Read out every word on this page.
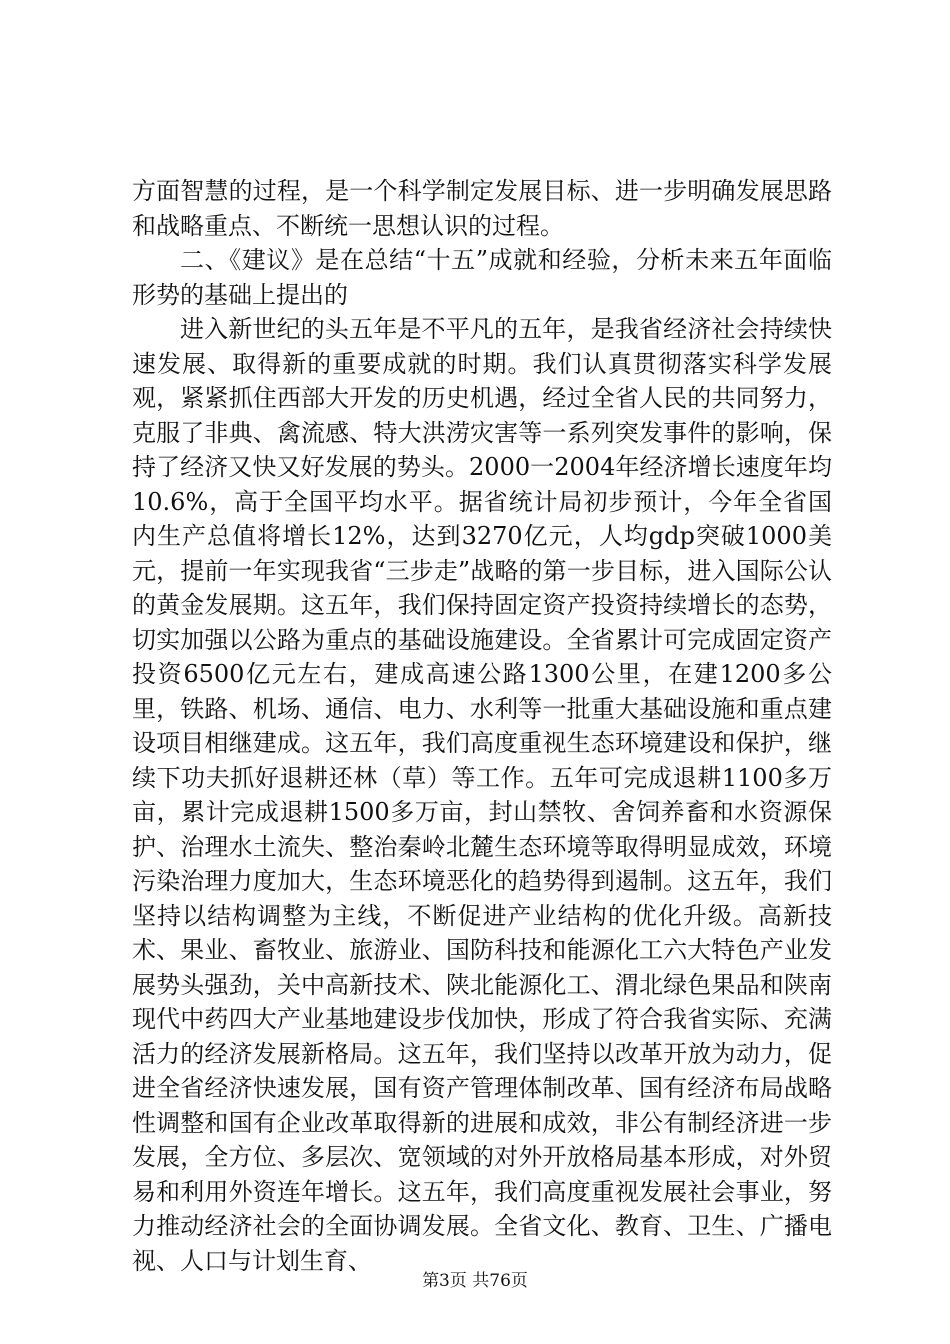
方面智慧的过程，是一个科学制定发展目标、进一步明确发展思路和战略重点、不断统一思想认识的过程。

二、《建议》是在总结“十五”成就和经验，分析未来五年面临形势的基础上提出的

进入新世纪的头五年是不平凡的五年，是我省经济社会持续快速发展、取得新的重要成就的时期。我们认真贯彻落实科学发展观，紧紧抓住西部大开发的历史机遇，经过全省人民的共同努力，克服了非典、禽流感、特大洪涝灾害等一系列突发事件的影响，保持了经济又快又好发展的势头。2000一2004年经济增长速度年均10.6%，高于全国平均水平。据省统计局初步预计，今年全省国内生产总值将增长12%，达到3270亿元，人均gdp突破1000美元，提前一年实现我省“三步走”战略的第一步目标，进入国际公认的黄金发展期。这五年，我们保持固定资产投资持续增长的态势，切实加强以公路为重点的基础设施建设。全省累计可完成固定资产投资6500亿元左右，建成高速公路1300公里，在建1200多公里，铁路、机场、通信、电力、水利等一批重大基础设施和重点建设项目相继建成。这五年，我们高度重视生态环境建设和保护，继续下功夫抓好退耕还林（草）等工作。五年可完成退耕1100多万亩，累计完成退耕1500多万亩，封山禁牧、舍饲养畜和水资源保护、治理水土流失、整治秦岭北麓生态环境等取得明显成效，环境污染治理力度加大，生态环境恶化的趋势得到遏制。这五年，我们坚持以结构调整为主线，不断促进产业结构的优化升级。高新技术、果业、畜牧业、旅游业、国防科技和能源化工六大特色产业发展势头强劲，关中高新技术、陕北能源化工、渭北绿色果品和陕南现代中药四大产业基地建设步伐加快，形成了符合我省实际、充满活力的经济发展新格局。这五年，我们坚持以改革开放为动力，促进全省经济快速发展，国有资产管理体制改革、国有经济布局战略性调整和国有企业改革取得新的进展和成效，非公有制经济进一步发展，全方位、多层次、宽领域的对外开放格局基本形成，对外贸易和利用外资连年增长。这五年，我们高度重视发展社会事业，努力推动经济社会的全面协调发展。全省文化、教育、卫生、广播电视、人口与计划生育、

第3页 共76页
